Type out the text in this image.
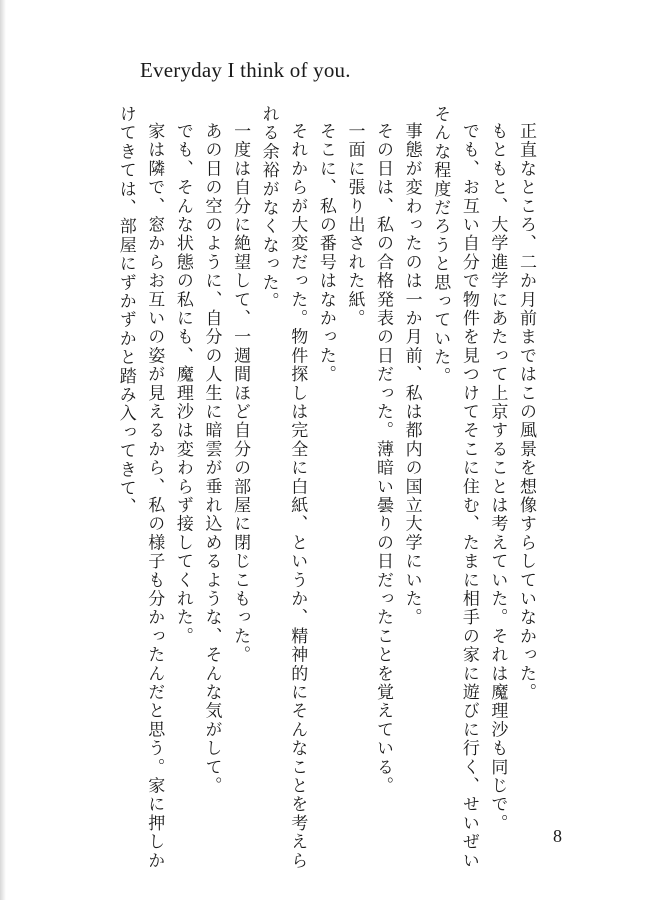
Everyday I think of you.
正直なところ、二か月前まではこの風景を想像すらしていなかった。
もともと、大学進学にあたって上京することは考えていた。それは魔理沙も同じで。
でも、お互い自分で物件を見つけてそこに住む、たまに相手の家に遊びに行く、せいぜい
そんな程度だろうと思っていた。
事態が変わったのは一か月前、私は都内の国立大学にいた。
その日は、私の合格発表の日だった。薄暗い曇りの日だったことを覚えている。
一面に張り出された紙。
そこに、私の番号はなかった。
それからが大変だった。物件探しは完全に白紙、というか、精神的にそんなことを考えら
れる余裕がなくなった。
一度は自分に絶望して、一週間ほど自分の部屋に閉じこもった。
あの日の空のように、自分の人生に暗雲が垂れ込めるような、そんな気がして。
でも、そんな状態の私にも、魔理沙は変わらず接してくれた。
家は隣で、窓からお互いの姿が見えるから、私の様子も分かったんだと思う。家に押しか
けてきては、部屋にずかずかと踏み入ってきて、
8
